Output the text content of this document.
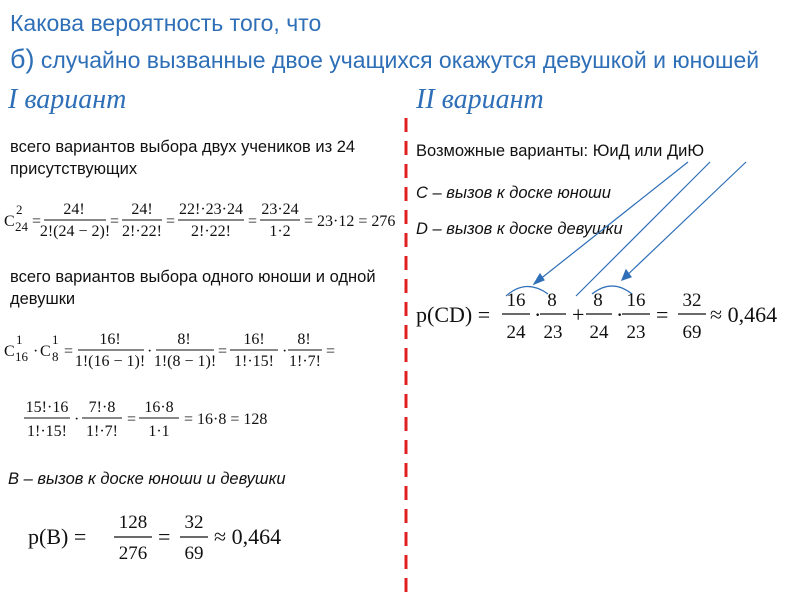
Какова вероятность того, что
б) случайно вызванные двое учащихся окажутся девушкой и юношей
I вариант	II вариант
всего вариантов выбора двух учеников из 24 присутствующих
всего вариантов выбора одного юноши и одной девушки
B – вызов к доске юноши и девушки
C
2
24 =
24!
2!(24 − 2)!
=
24!
2!·22!
=
22!·23·24
2!·22!
=
23·24
1·2
= 23·12 = 276
C
1
16 · C
1
8 =
16!
1!(16 − 1)!
·
8!
1!(8 − 1)!
=
16!
1!·15!
·
8!
1!·7!
=
15!·16
1!·15!
·
7!·8
1!·7!
=
16·8
1·1
= 16·8 = 128
p(B) =
128
276
=
32
69
≈ 0,464
Возможные варианты: ЮиД или ДиЮ
С – вызов к доске юноши
D – вызов к доске девушки
p(CD) =
16
24
·
8
23
+
8
24
·
16
23
=
32
69
≈ 0,464
